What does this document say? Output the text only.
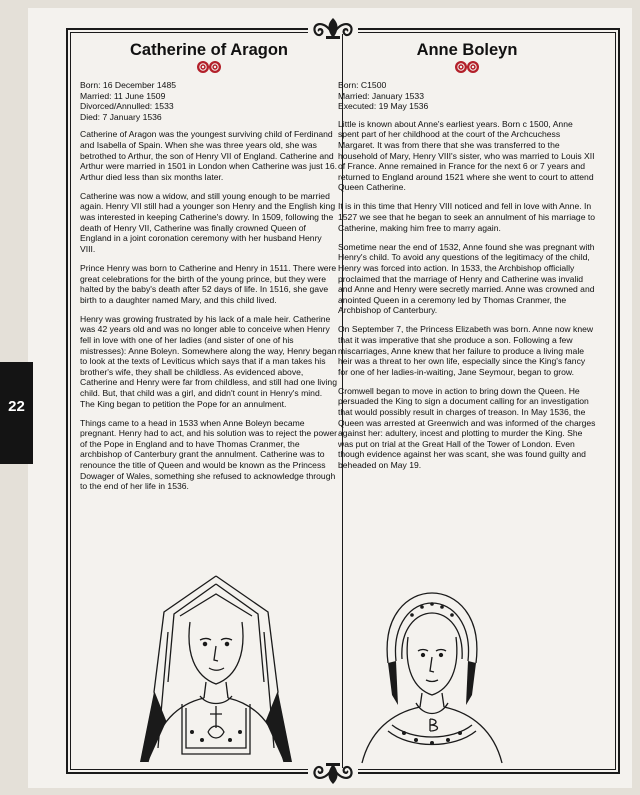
22
Catherine of Aragon
Born: 16 December 1485
Married: 11 June 1509
Divorced/Annulled: 1533
Died: 7 January 1536

Catherine of Aragon was the youngest surviving child of Ferdinand and Isabella of Spain. When she was three years old, she was betrothed to Arthur, the son of Henry VII of England. Catherine and Arthur were married in 1501 in London when Catherine was just 16. Arthur died less than six months later.

Catherine was now a widow, and still young enough to be married again. Henry VII still had a younger son Henry and the English king was interested in keeping Catherine's dowry. In 1509, following the death of Henry VII, Catherine was finally crowned Queen of England in a joint coronation ceremony with her husband Henry VIII.

Prince Henry was born to Catherine and Henry in 1511. There were great celebrations for the birth of the young prince, but they were halted by the baby's death after 52 days of life. In 1516, she gave birth to a daughter named Mary, and this child lived.

Henry was growing frustrated by his lack of a male heir. Catherine was 42 years old and was no longer able to conceive when Henry fell in love with one of her ladies (and sister of one of his mistresses): Anne Boleyn. Somewhere along the way, Henry began to look at the texts of Leviticus which says that if a man takes his brother's wife, they shall be childless. As evidenced above, Catherine and Henry were far from childless, and still had one living child. But, that child was a girl, and didn't count in Henry's mind. The King began to petition the Pope for an annulment.

Things came to a head in 1533 when Anne Boleyn became pregnant. Henry had to act, and his solution was to reject the power of the Pope in England and to have Thomas Cranmer, the archbishop of Canterbury grant the annulment. Catherine was to renounce the title of Queen and would be known as the Princess Dowager of Wales, something she refused to acknowledge through to the end of her life in 1536.

Anne Boleyn
Born: C1500
Married: January 1533
Executed: 19 May 1536

Little is known about Anne's earliest years. Born c 1500, Anne spent part of her childhood at the court of the Archcuchess Margaret. It was from there that she was transferred to the household of Mary, Henry VIII's sister, who was married to Louis XII of France. Anne remained in France for the next 6 or 7 years and returned to England around 1521 where she went to court to attend Queen Catherine.

It is in this time that Henry VIII noticed and fell in love with Anne. In 1527 we see that he began to seek an annulment of his marriage to Catherine, making him free to marry again.

Sometime near the end of 1532, Anne found she was pregnant with Henry's child. To avoid any questions of the legitimacy of the child, Henry was forced into action. In 1533, the Archbishop officially proclaimed that the marriage of Henry and Catherine was invalid and Anne and Henry were secretly married. Anne was crowned and anointed Queen in a ceremony led by Thomas Cranmer, the Archbishop of Canterbury.

On September 7, the Princess Elizabeth was born. Anne now knew that it was imperative that she produce a son. Following a few miscarriages, Anne knew that her failure to produce a living male heir was a threat to her own life, especially since the King's fancy for one of her ladies-in-waiting, Jane Seymour, began to grow.

Cromwell began to move in action to bring down the Queen. He persuaded the King to sign a document calling for an investigation that would possibly result in charges of treason. In May 1536, the Queen was arrested at Greenwich and was informed of the charges against her: adultery, incest and plotting to murder the King. She was put on trial at the Great Hall of the Tower of London. Even though evidence against her was scant, she was found guilty and beheaded on May 19.
